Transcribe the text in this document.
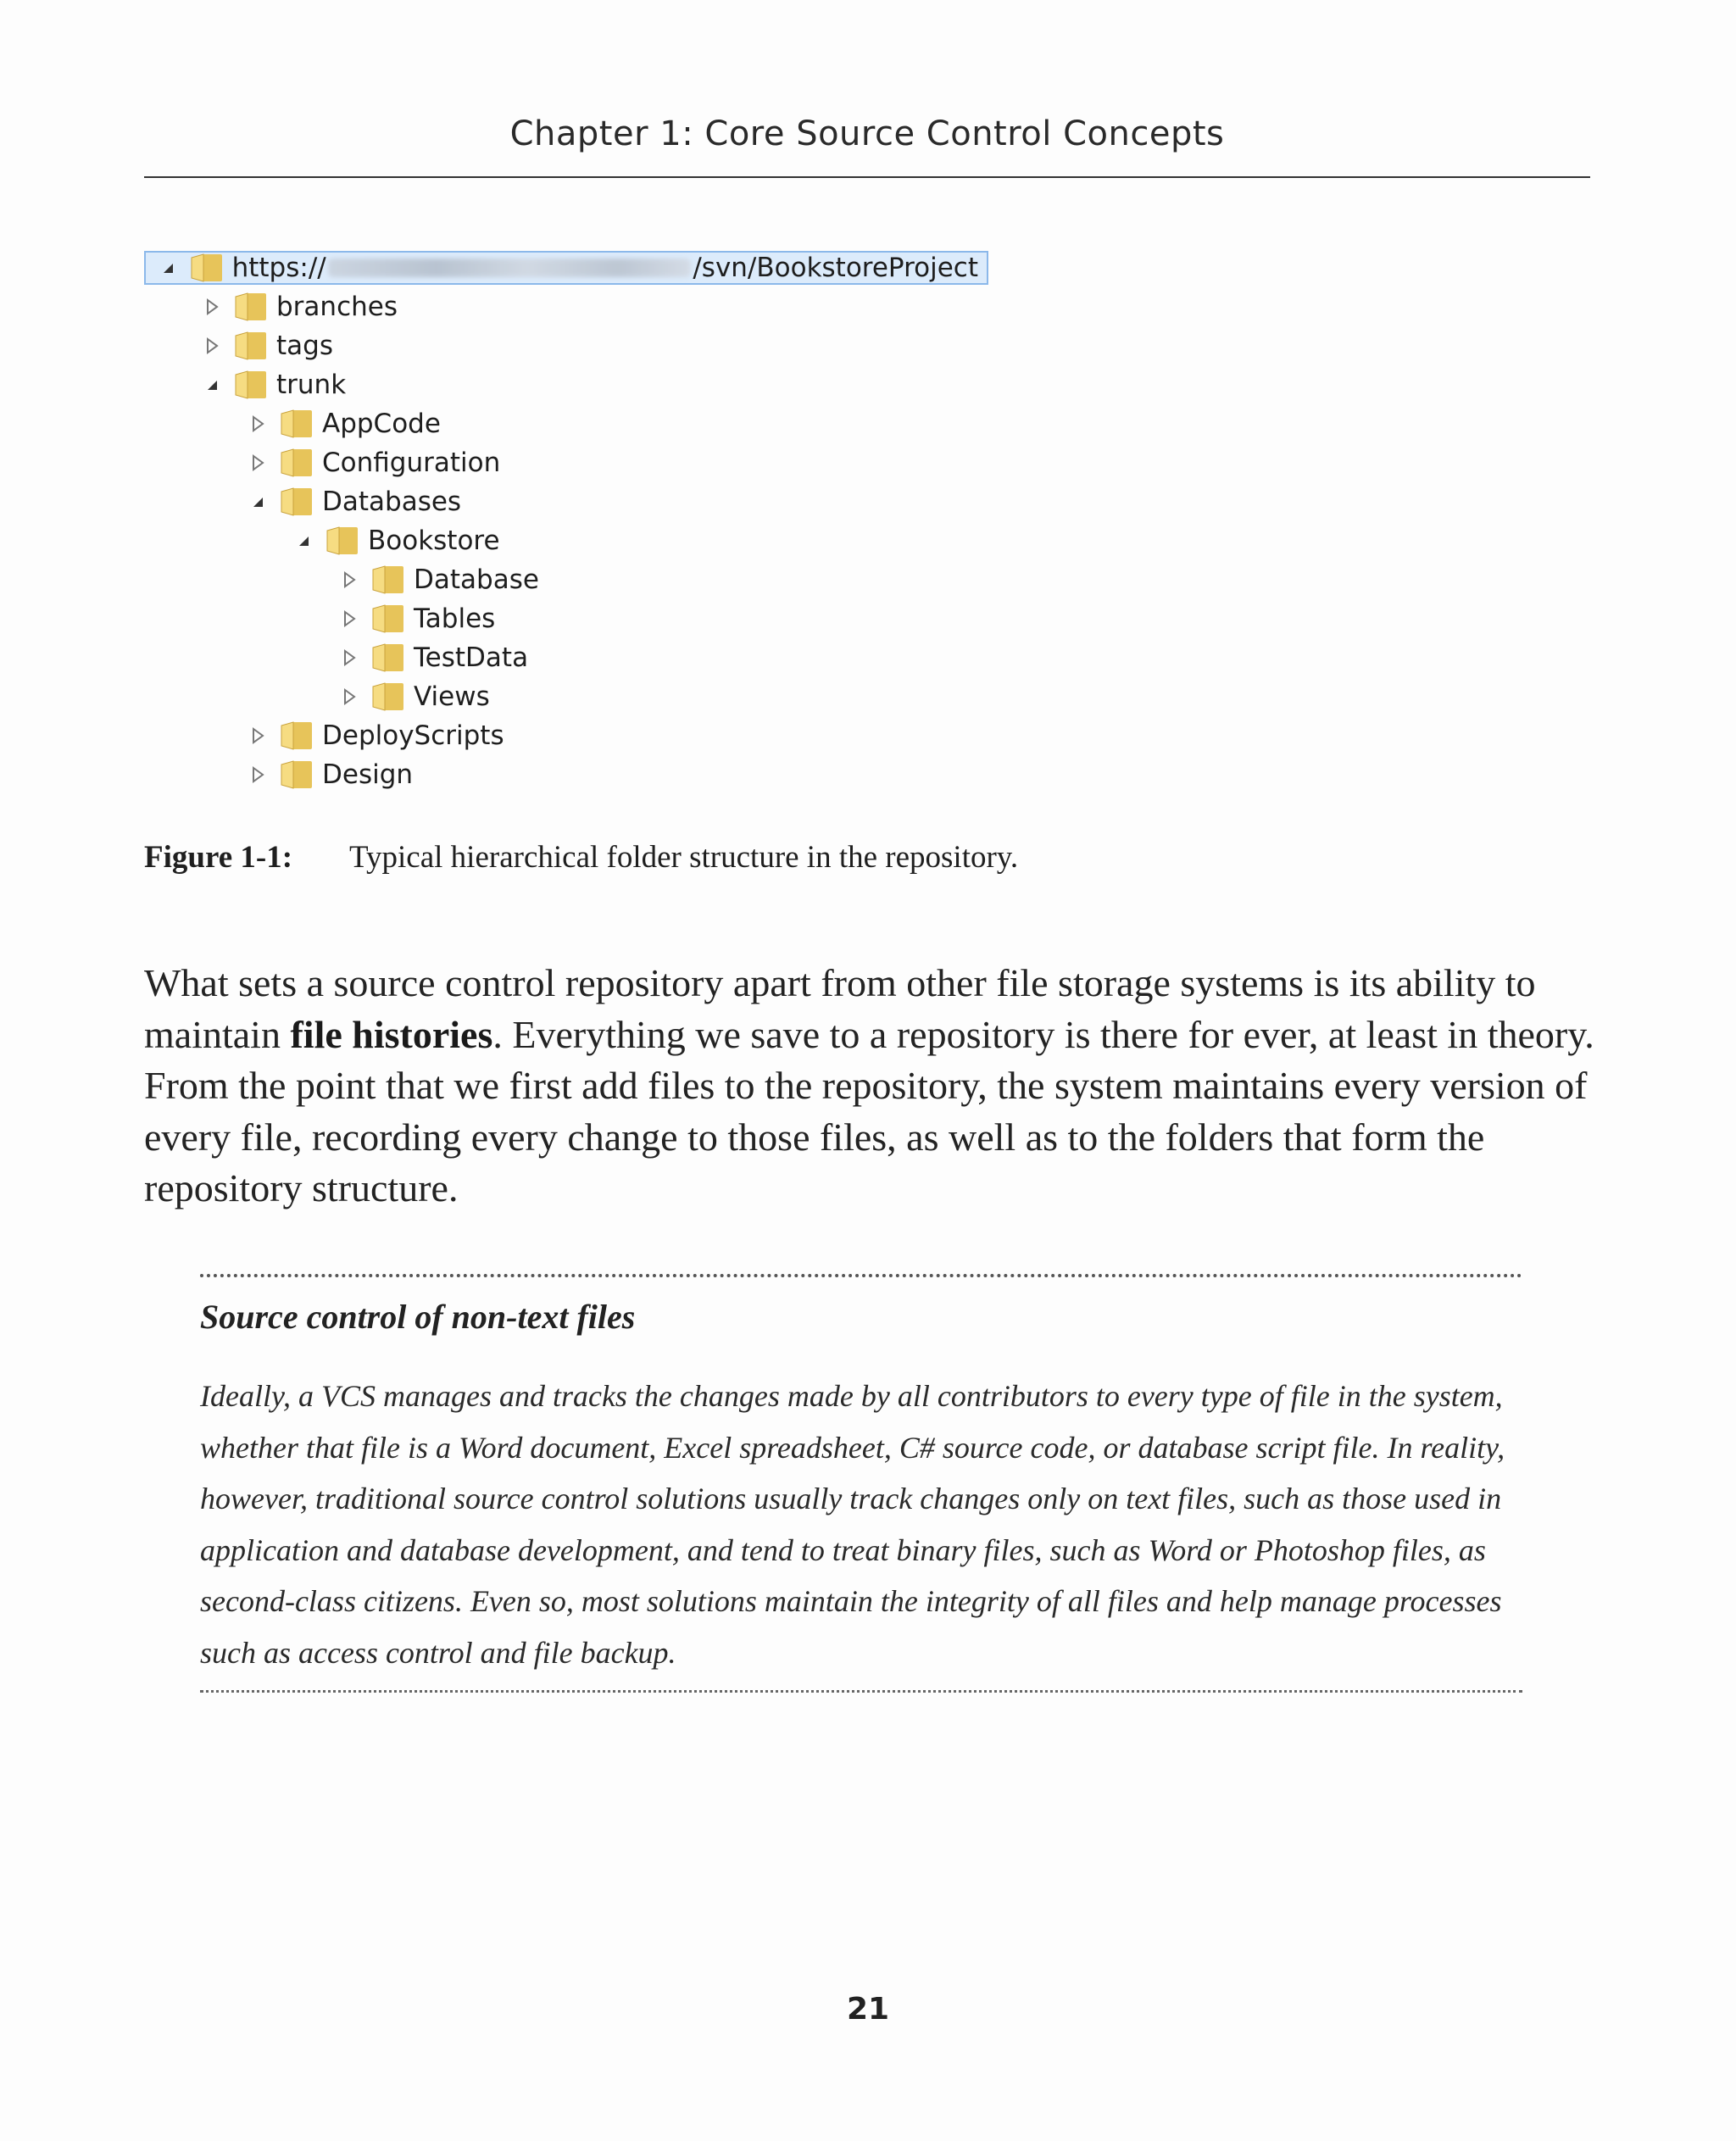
Chapter 1: Core Source Control Concepts
https://	/svn/BookstoreProject
branches
tags
trunk
AppCode
Configuration
Databases
Bookstore
Database
Tables
TestData
Views
DeployScripts
Design
Figure 1-1: Typical hierarchical folder structure in the repository.
What sets a source control repository apart from other file storage systems is its ability to maintain file histories. Everything we save to a repository is there for ever, at least in theory. From the point that we first add files to the repository, the system maintains every version of every file, recording every change to those files, as well as to the folders that form the repository structure.
Source control of non-text files
Ideally, a VCS manages and tracks the changes made by all contributors to every type of file in the system, whether that file is a Word document, Excel spreadsheet, C# source code, or database script file. In reality, however, traditional source control solutions usually track changes only on text files, such as those used in application and database development, and tend to treat binary files, such as Word or Photoshop files, as second-class citizens. Even so, most solutions maintain the integrity of all files and help manage processes such as access control and file backup.
21
